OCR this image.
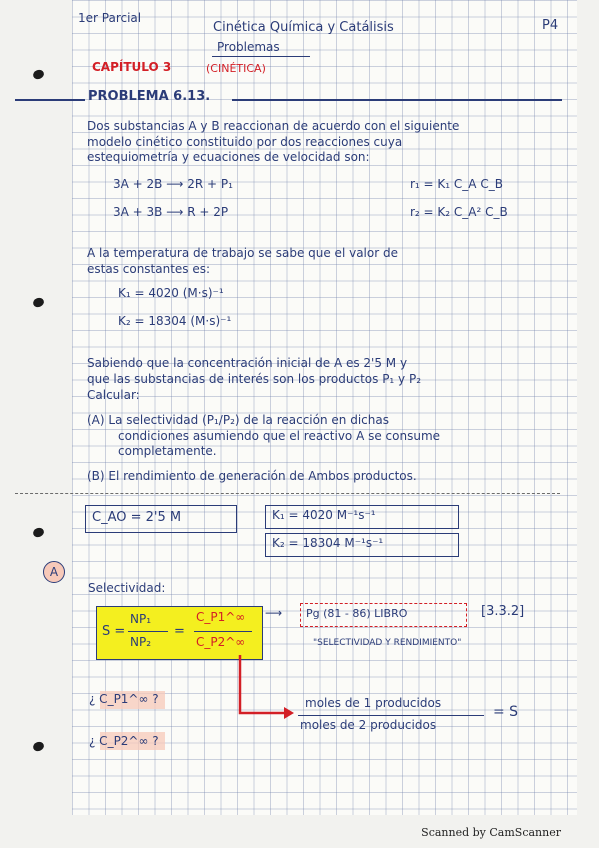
1er Parcial
Cinética Química y Catálisis	P4
Problemas
CAPÍTULO 3	(CINÉTICA)
PROBLEMA 6.13.
Dos substancias A y B reaccionan de acuerdo con el siguiente
modelo cinético constituido por dos reacciones cuya
estequiometría y ecuaciones de velocidad son:
3A + 2B ⟶ 2R + P₁	r₁ = K₁ C_A C_B
3A + 3B ⟶ R + 2P	r₂ = K₂ C_A² C_B
A la temperatura de trabajo se sabe que el valor de
estas constantes es:
K₁ = 4020 (M·s)⁻¹
K₂ = 18304 (M·s)⁻¹
Sabiendo que la concentración inicial de A es 2'5 M y
que las substancias de interés son los productos P₁ y P₂
Calcular:
(A) La selectividad (P₁/P₂) de la reacción en dichas
condiciones asumiendo que el reactivo A se consume
completamente.
(B) El rendimiento de generación de Ambos productos.
C_AO = 2'5 M	K₁ = 4020 M⁻¹s⁻¹
K₂ = 18304 M⁻¹s⁻¹
A
Selectividad:
S =
NP₁
NP₂
=
C_P1^∞
C_P2^∞
⟶ Pg (81 - 86) LIBRO	[3.3.2]
"SELECTIVIDAD Y RENDIMIENTO"
moles de 1 producidos
moles de 2 producidos
= S
¿ C_P1^∞ ?
¿ C_P2^∞ ?
Scanned by CamScanner
